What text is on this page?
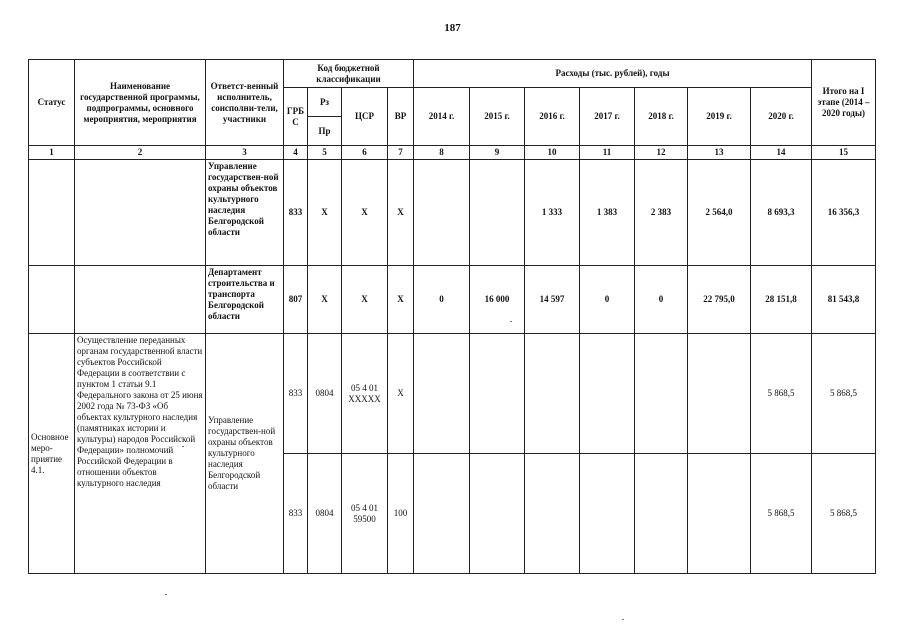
187
Статус	Наименование государственной программы, подпрограммы, основного мероприятия, мероприятия	Ответст-венный исполнитель, соисполни-тели, участники	Код бюджетной классификации				Расходы (тыс. рублей), годы							Итого на I этапе (2014 – 2020 годы)
			ГРБ С	Рз	ЦСР	ВР	2014 г.	2015 г.	2016 г.	2017 г.	2018 г.	2019 г.	2020 г.	
				Пр										
1	2	3	4	5	6	7	8	9	10	11	12	13	14	15
		Управление государствен-ной охраны объектов культурного наследия Белгородской области	833	Х	Х	Х			1 333	1 383	2 383	2 564,0	8 693,3	16 356,3
		Департамент строительства и транспорта Белгородской области	807	Х	Х	Х	0	16 000	14 597	0	0	22 795,0	28 151,8	81 543,8
Основное меро-приятие 4.1.	Осуществление переданных органам государственной власти субъектов Российской Федерации в соответствии с пунктом 1 статьи 9.1 Федерального закона от 25 июня 2002 года № 73-ФЗ «Об объектах культурного наследия (памятниках истории и культуры) народов Российской Федерации» полномочий Российской Федерации в отношении объектов культурного наследия	Управление государствен-ной охраны объектов культурного наследия Белгородской области	833	0804	05 4 01 XXXXX	Х							5 868,5	5 868,5
			833	0804	05 4 01 59500	100							5 868,5	5 868,5
